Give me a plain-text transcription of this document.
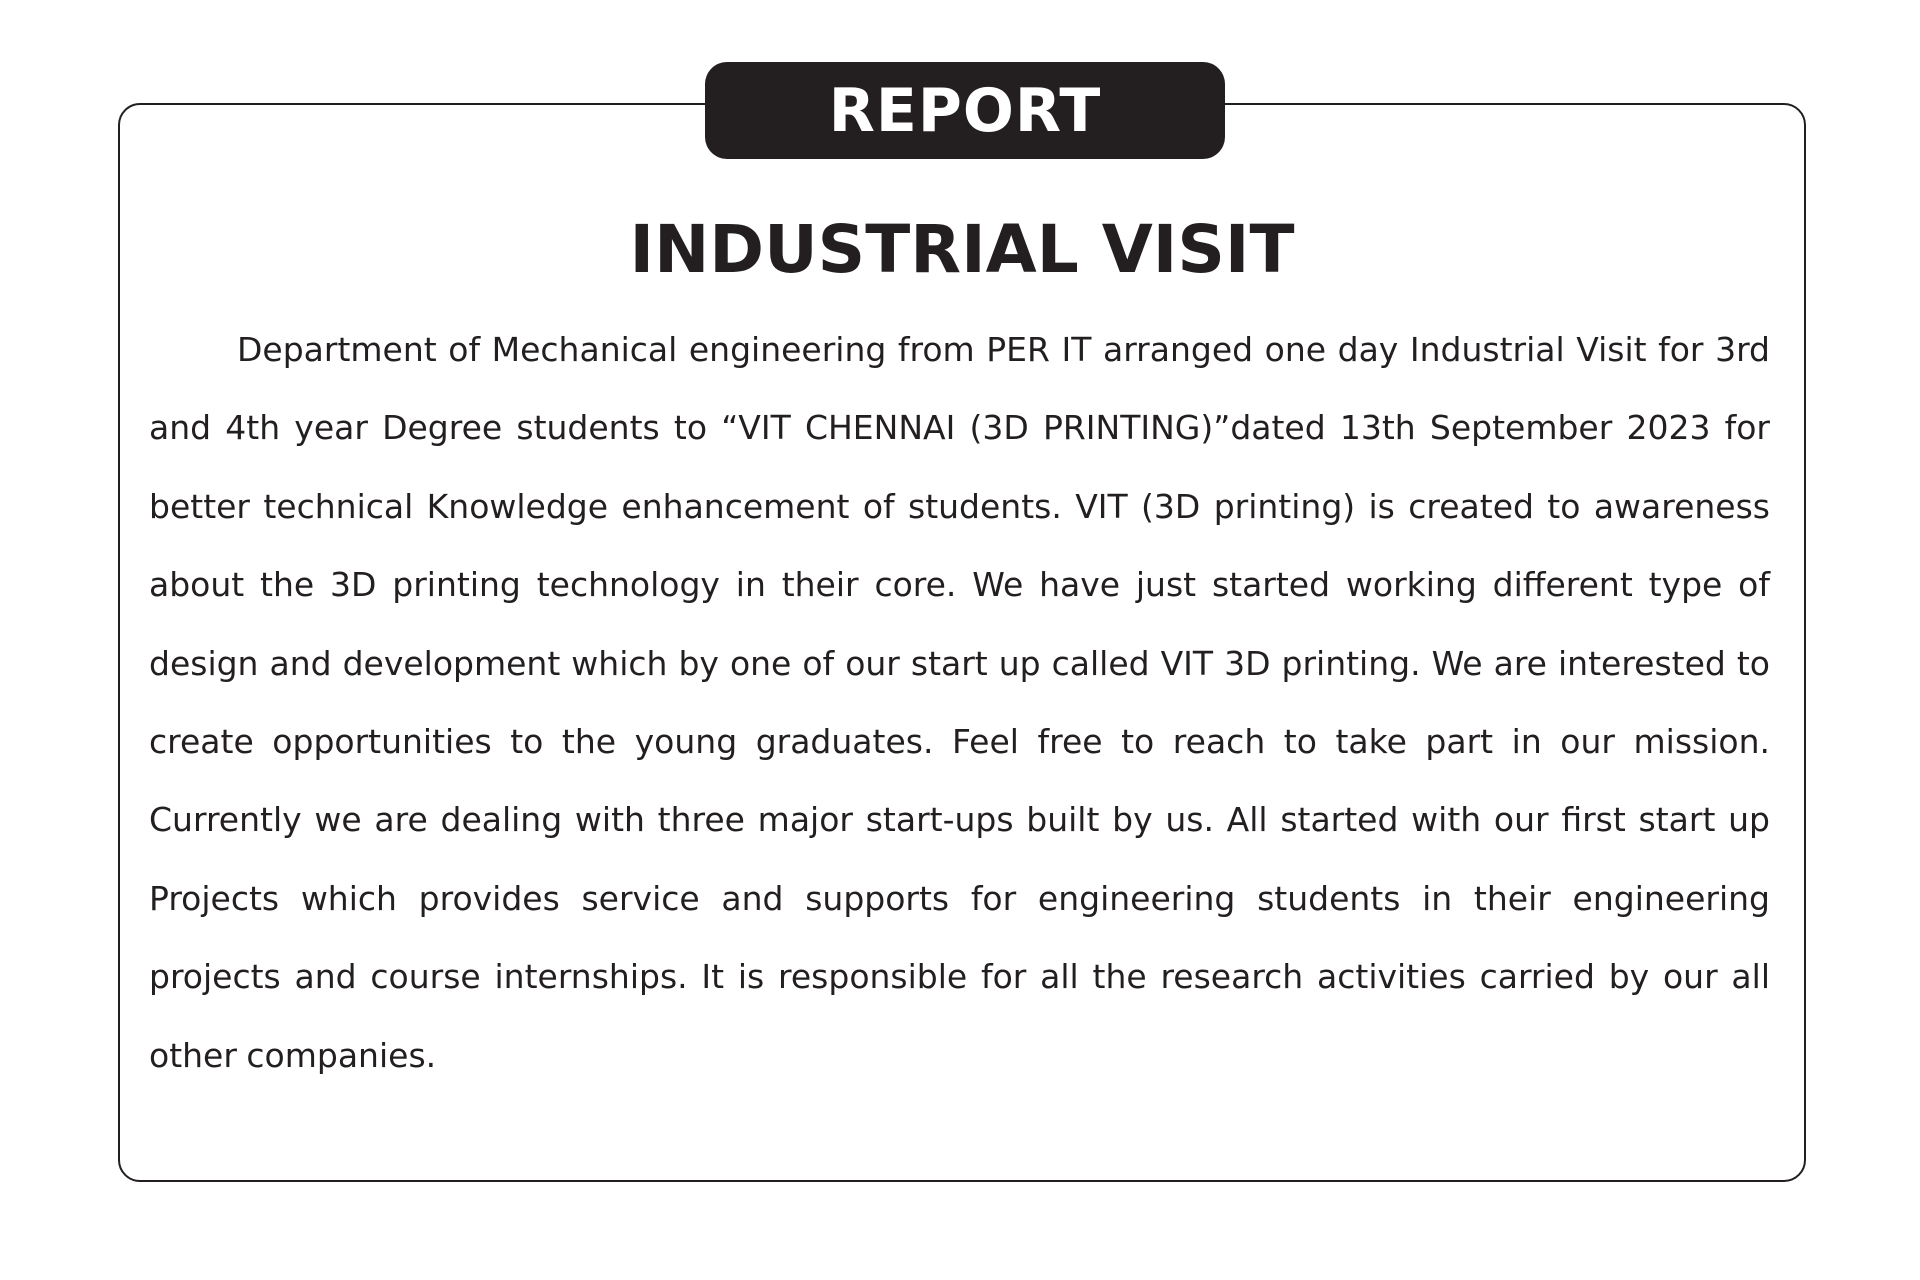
REPORT
INDUSTRIAL VISIT

Department of Mechanical engineering from PER IT arranged one day Industrial Visit for 3rd and 4th year Degree students to “VIT CHENNAI (3D PRINTING)”dated 13th September 2023 for better technical Knowledge enhancement of students. VIT (3D printing) is created to awareness about the 3D printing technology in their core. We have just started working different type of design and development which by one of our start up called VIT 3D printing. We are interested to create opportunities to the young graduates. Feel free to reach to take part in our mission. Currently we are dealing with three major start-ups built by us. All started with our first start up Projects which provides service and supports for engineering students in their engineering projects and course internships. It is responsible for all the research activities carried by our all other companies.
